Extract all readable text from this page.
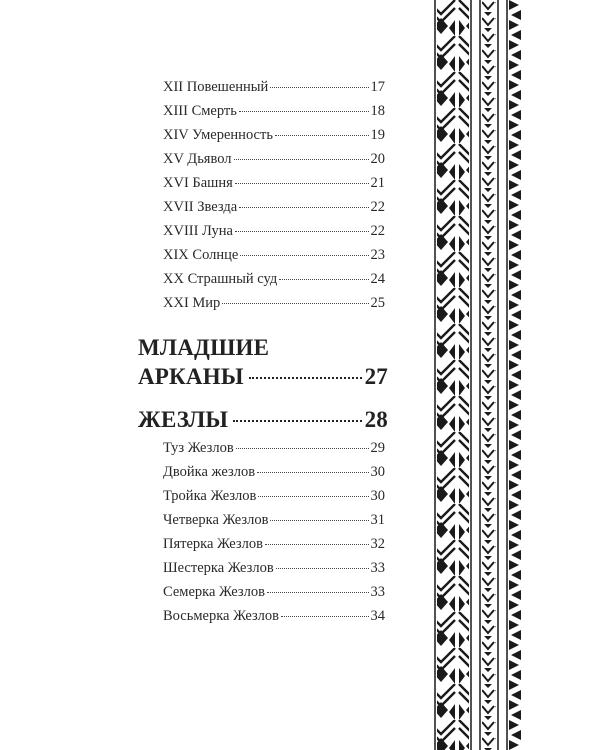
XII Повешенный	17
XIII Смерть	18
XIV Умеренность	19
XV Дьявол	20
XVI Башня	21
XVII Звезда	22
XVIII Луна	22
XIX Солнце	23
XX Страшный суд	24
XXI Мир	25
МЛАДШИЕ
АРКАНЫ	27
ЖЕЗЛЫ	28
Туз Жезлов	29
Двойка жезлов	30
Тройка Жезлов	30
Четверка Жезлов	31
Пятерка Жезлов	32
Шестерка Жезлов	33
Семерка Жезлов	33
Восьмерка Жезлов	34
